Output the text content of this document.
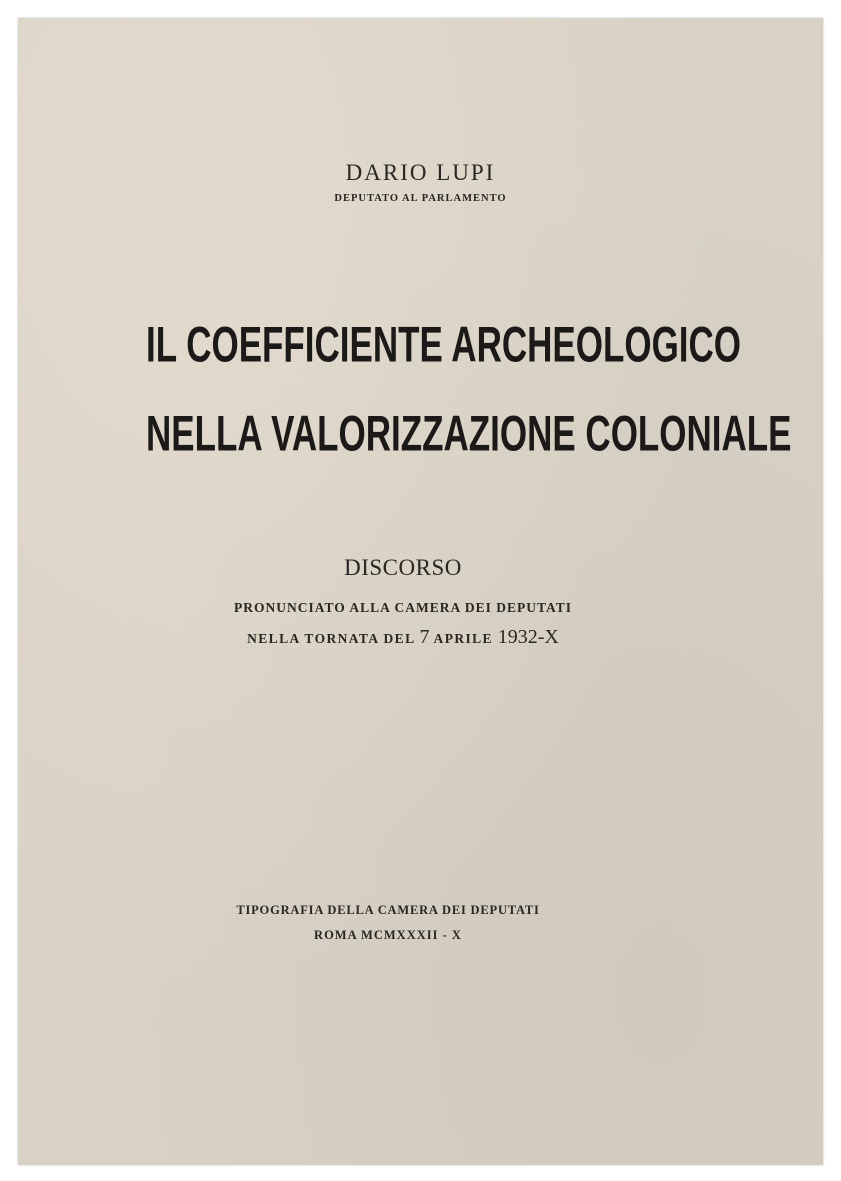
DARIO LUPI
DEPUTATO AL PARLAMENTO
IL COEFFICIENTE ARCHEOLOGICO
NELLA VALORIZZAZIONE COLONIALE
DISCORSO
PRONUNCIATO ALLA CAMERA DEI DEPUTATI
NELLA TORNATA DEL 7 APRILE 1932-X
TIPOGRAFIA DELLA CAMERA DEI DEPUTATI
ROMA MCMXXXII - X
